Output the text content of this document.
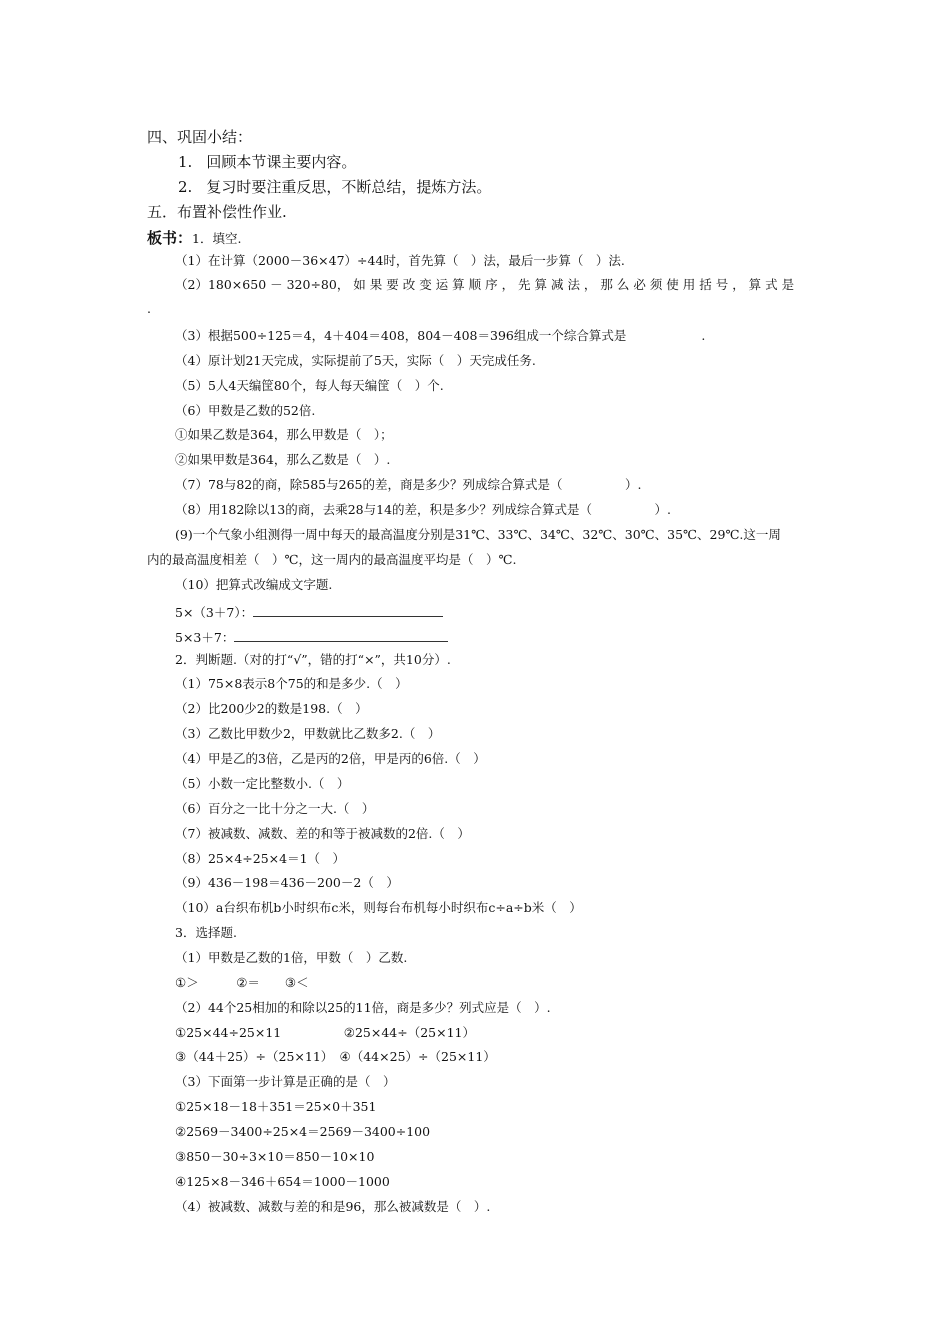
四、巩固小结：
1. 回顾本节课主要内容。
2. 复习时要注重反思，不断总结，提炼方法。
五．布置补偿性作业.
板书：1．填空.
（1）在计算（2000－36×47）÷44时，首先算（　）法，最后一步算（　）法.
（2）180×650 － 320÷80， 如 果 要 改 变 运 算 顺 序 ， 先 算 减 法 ， 那 么 必 须 使 用 括 号 ， 算 式 是
.
（3）根据500÷125＝4，4＋404＝408，804－408＝396组成一个综合算式是　　　　　　.
（4）原计划21天完成，实际提前了5天，实际（　）天完成任务.
（5）5人4天编筐80个，每人每天编筐（　）个.
（6）甲数是乙数的52倍.
①如果乙数是364，那么甲数是（　）；
②如果甲数是364，那么乙数是（　）.
（7）78与82的商，除585与265的差，商是多少？列成综合算式是（　　　　　）.
（8）用182除以13的商，去乘28与14的差，积是多少？列成综合算式是（　　　　　）.
(9)一个气象小组测得一周中每天的最高温度分别是31℃、33℃、34℃、32℃、30℃、35℃、29℃.这一周
内的最高温度相差（　）℃，这一周内的最高温度平均是（　）℃.
（10）把算式改编成文字题.
5×（3＋7）：
5×3＋7：
2．判断题.（对的打“√”，错的打“×”，共10分）.
（1）75×8表示8个75的和是多少.（　）
（2）比200少2的数是198.（　）
（3）乙数比甲数少2，甲数就比乙数多2.（　）
（4）甲是乙的3倍，乙是丙的2倍，甲是丙的6倍.（　）
（5）小数一定比整数小.（　）
（6）百分之一比十分之一大.（　）
（7）被减数、减数、差的和等于被减数的2倍.（　）
（8）25×4÷25×4＝1（　）
（9）436－198＝436－200－2（　）
（10）a台织布机b小时织布c米，则每台布机每小时织布c÷a÷b米（　）
3．选择题.
（1）甲数是乙数的1倍，甲数（　）乙数.
①＞　　　②＝　　③＜
（2）44个25相加的和除以25的11倍，商是多少？列式应是（　）.
①25×44÷25×11　　　　　②25×44÷（25×11）
③（44＋25）÷（25×11）　④（44×25）÷（25×11）
（3）下面第一步计算是正确的是（　）
①25×18－18＋351＝25×0＋351
②2569－3400÷25×4＝2569－3400÷100
③850－30÷3×10＝850－10×10
④125×8－346＋654＝1000－1000
（4）被减数、减数与差的和是96，那么被减数是（　）.
